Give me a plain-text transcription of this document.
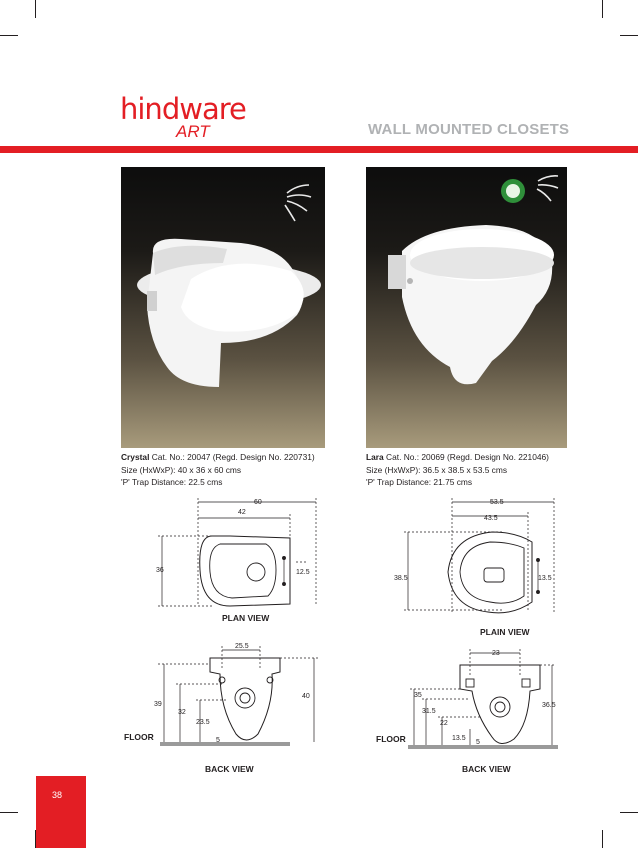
hindware
ART	WALL MOUNTED CLOSETS
Crystal Cat. No.: 20047 (Regd. Design No. 220731)
Size (HxWxP): 40 x 36 x 60 cms
'P' Trap Distance: 22.5 cms
Lara Cat. No.: 20069 (Regd. Design No. 221046)
Size (HxWxP): 36.5 x 38.5 x 53.5 cms
'P' Trap Distance: 21.75 cms
60
42
36	12.5
PLAN VIEW
53.5
43.5
38.5	13.5
PLAIN VIEW
25.5
39
32
23.5
40
5
FLOOR
BACK VIEW
23
35
31.5
22
13.5
36.5
5
FLOOR
BACK VIEW
38
